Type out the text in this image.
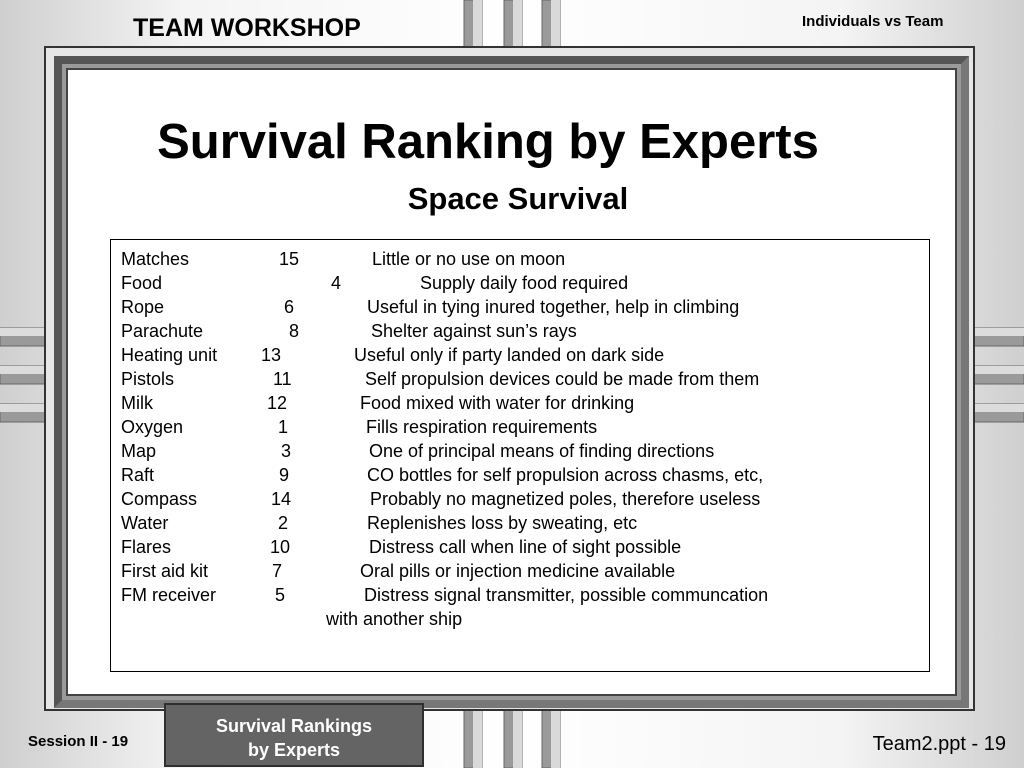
TEAM WORKSHOP	Individuals vs Team
Survival Ranking by Experts
Space Survival
Matches	15	Little or no use on moon
Food	4	Supply daily food required
Rope	6	Useful in tying inured together, help in climbing
Parachute	8	Shelter against sun’s rays
Heating unit 13	Useful only if party landed on dark side
Pistols	11	Self propulsion devices could be made from them
Milk	12	Food mixed with water for drinking
Oxygen	1	Fills respiration requirements
Map	3	One of principal means of finding directions
Raft	9	CO bottles for self propulsion across chasms, etc,
Compass	14	Probably no magnetized poles, therefore useless
Water	2	Replenishes loss by sweating, etc
Flares	10	Distress call when line of sight possible
First aid kit	7	Oral pills or injection medicine available
FM receiver	5	Distress signal transmitter, possible communcation
with another ship
Session II - 19
Survival Rankings
by Experts	Team2.ppt - 19
